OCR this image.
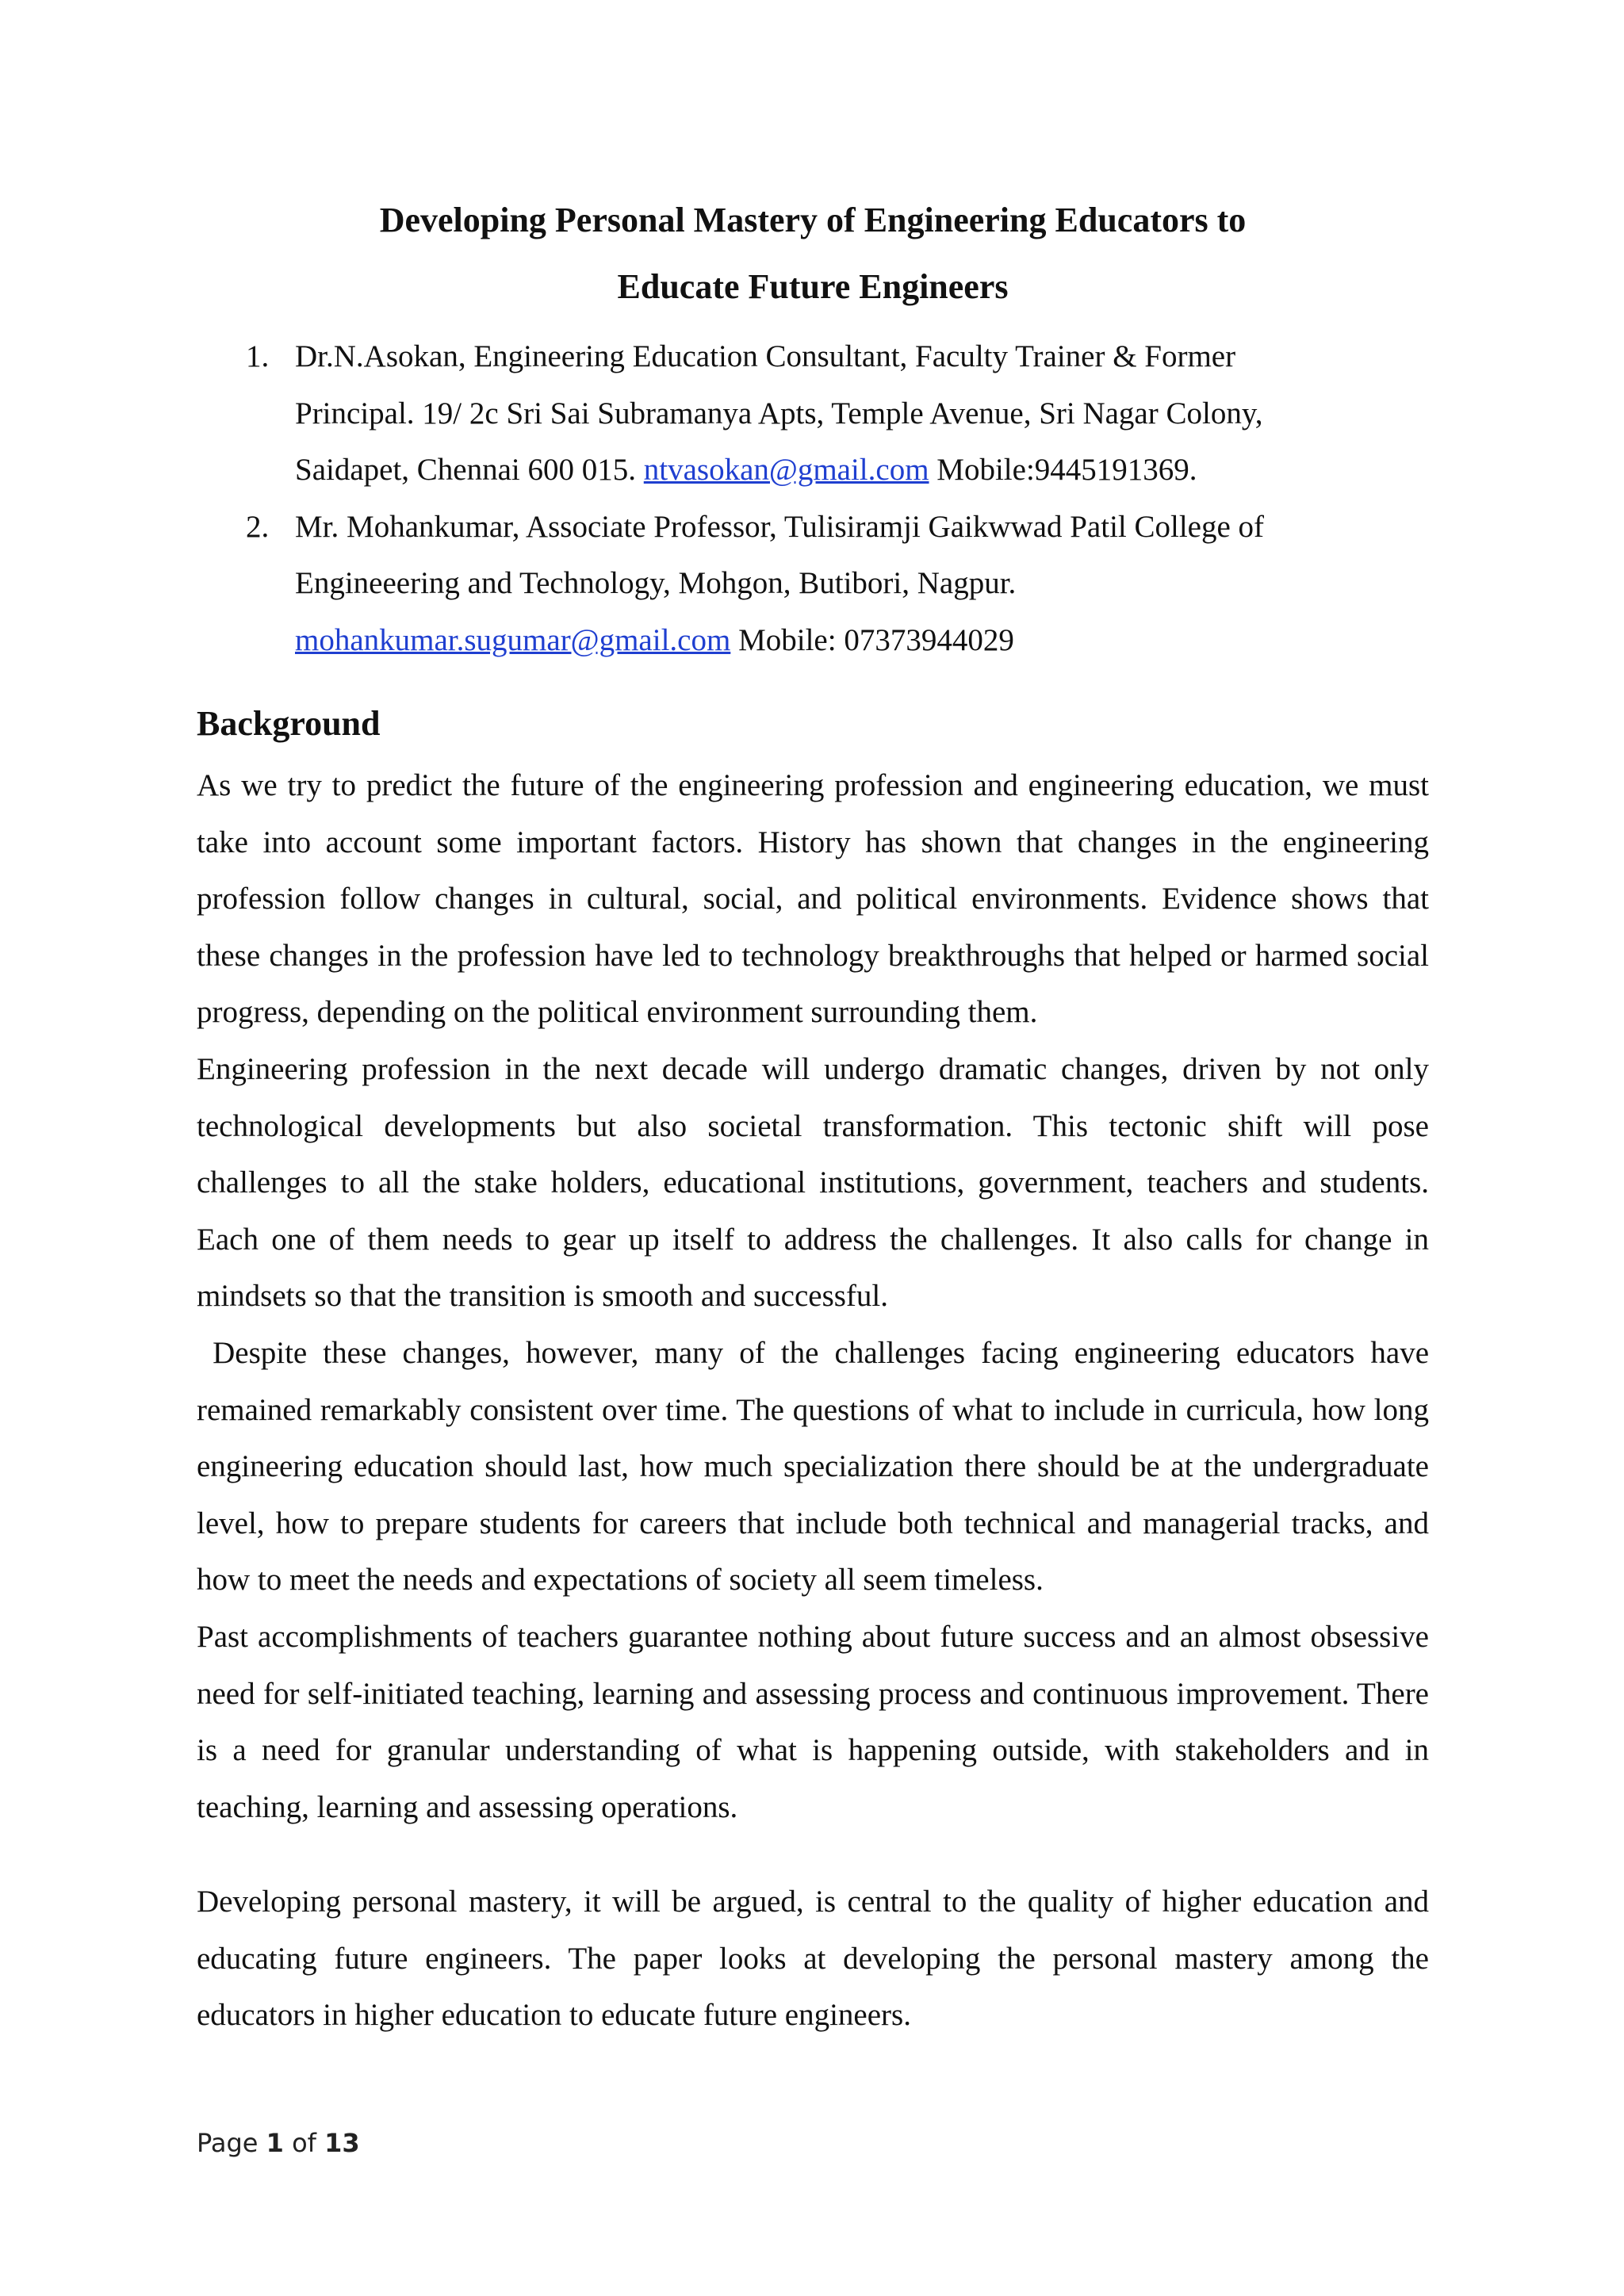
Developing Personal Mastery of Engineering Educators to
Educate Future Engineers
1. Dr.N.Asokan, Engineering Education Consultant, Faculty Trainer & Former
Principal. 19/ 2c Sri Sai Subramanya Apts, Temple Avenue, Sri Nagar Colony,
Saidapet, Chennai 600 015. ntvasokan@gmail.com Mobile:9445191369.
2. Mr. Mohankumar, Associate Professor, Tulisiramji Gaikwwad Patil College of
Engineeering and Technology, Mohgon, Butibori, Nagpur.
mohankumar.sugumar@gmail.com Mobile: 07373944029
Background

As we try to predict the future of the engineering profession and engineering education, we must take into account some important factors. History has shown that changes in the engineering profession follow changes in cultural, social, and political environments. Evidence shows that these changes in the profession have led to technology breakthroughs that helped or harmed social progress, depending on the political environment surrounding them.

Engineering profession in the next decade will undergo dramatic changes, driven by not only technological developments but also societal transformation. This tectonic shift will pose challenges to all the stake holders, educational institutions, government, teachers and students. Each one of them needs to gear up itself to address the challenges. It also calls for change in mindsets so that the transition is smooth and successful.

Despite these changes, however, many of the challenges facing engineering educators have remained remarkably consistent over time. The questions of what to include in curricula, how long engineering education should last, how much specialization there should be at the undergraduate level, how to prepare students for careers that include both technical and managerial tracks, and how to meet the needs and expectations of society all seem timeless.

Past accomplishments of teachers guarantee nothing about future success and an almost obsessive need for self-initiated teaching, learning and assessing process and continuous improvement. There is a need for granular understanding of what is happening outside, with stakeholders and in teaching, learning and assessing operations.

Developing personal mastery, it will be argued, is central to the quality of higher education and educating future engineers. The paper looks at developing the personal mastery among the educators in higher education to educate future engineers.

Page 1 of 13
